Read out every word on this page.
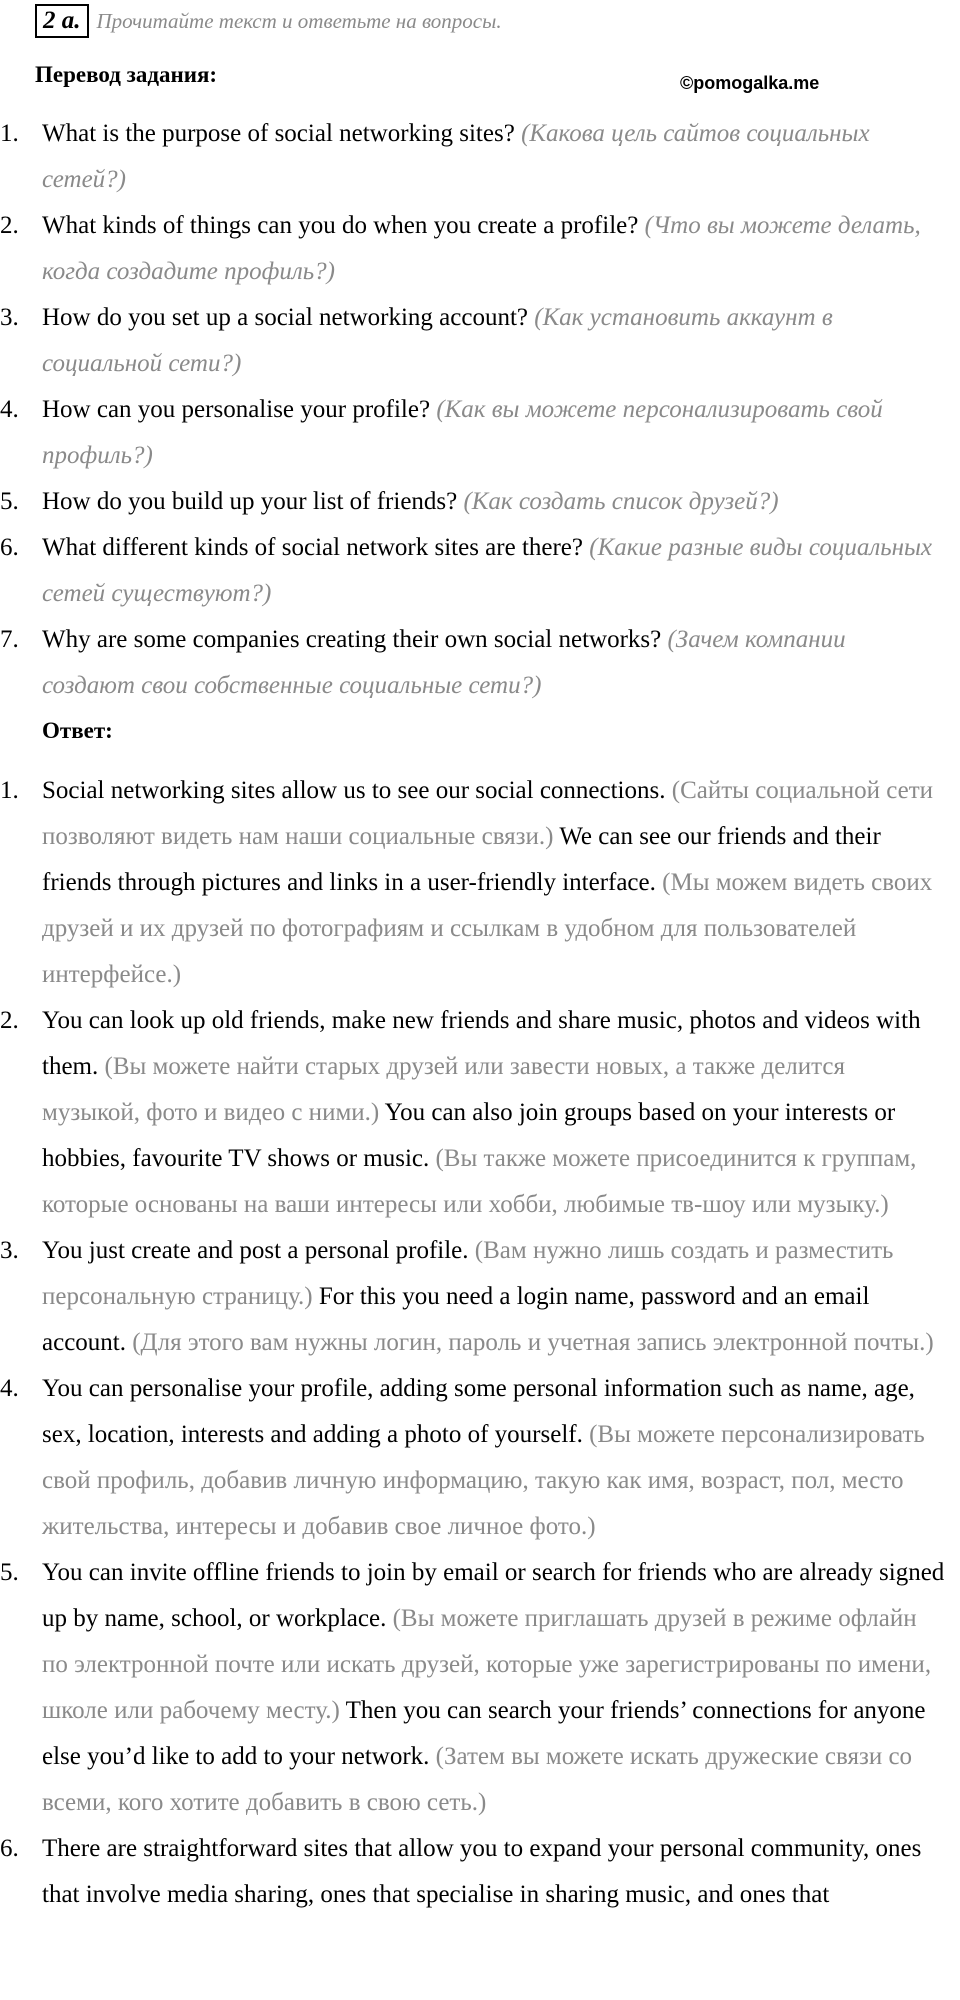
2 a. Прочитайте текст и ответьте на вопросы.
Перевод задания:	©pomogalka.me
1. What is the purpose of social networking sites? (Какова цель сайтов социальных сетей?)
2. What kinds of things can you do when you create a profile? (Что вы можете делать, когда создадите профиль?)
3. How do you set up a social networking account? (Как установить аккаунт в социальной сети?)
4. How can you personalise your profile? (Как вы можете персонализировать свой профиль?)
5. How do you build up your list of friends? (Как создать список друзей?)
6. What different kinds of social network sites are there? (Какие разные виды социальных сетей существуют?)
7. Why are some companies creating their own social networks? (Зачем компании создают свои собственные социальные сети?)
Ответ:
1. Social networking sites allow us to see our social connections. (Сайты социальной сети позволяют видеть нам наши социальные связи.) We can see our friends and their friends through pictures and links in a user-friendly interface. (Мы можем видеть своих друзей и их друзей по фотографиям и ссылкам в удобном для пользователей интерфейсе.)
2. You can look up old friends, make new friends and share music, photos and videos with them. (Вы можете найти старых друзей или завести новых, а также делится музыкой, фото и видео с ними.) You can also join groups based on your interests or hobbies, favourite TV shows or music. (Вы также можете присоединится к группам, которые основаны на ваши интересы или хобби, любимые тв-шоу или музыку.)
3. You just create and post a personal profile. (Вам нужно лишь создать и разместить персональную страницу.) For this you need a login name, password and an email account. (Для этого вам нужны логин, пароль и учетная запись электронной почты.)
4. You can personalise your profile, adding some personal information such as name, age, sex, location, interests and adding a photo of yourself. (Вы можете персонализировать свой профиль, добавив личную информацию, такую как имя, возраст, пол, место жительства, интересы и добавив свое личное фото.)
5. You can invite offline friends to join by email or search for friends who are already signed up by name, school, or workplace. (Вы можете приглашать друзей в режиме офлайн по электронной почте или искать друзей, которые уже зарегистрированы по имени, школе или рабочему месту.) Then you can search your friends’ connections for anyone else you’d like to add to your network. (Затем вы можете искать дружеские связи со всеми, кого хотите добавить в свою сеть.)
6. There are straightforward sites that allow you to expand your personal community, ones that involve media sharing, ones that specialise in sharing music, and ones that
